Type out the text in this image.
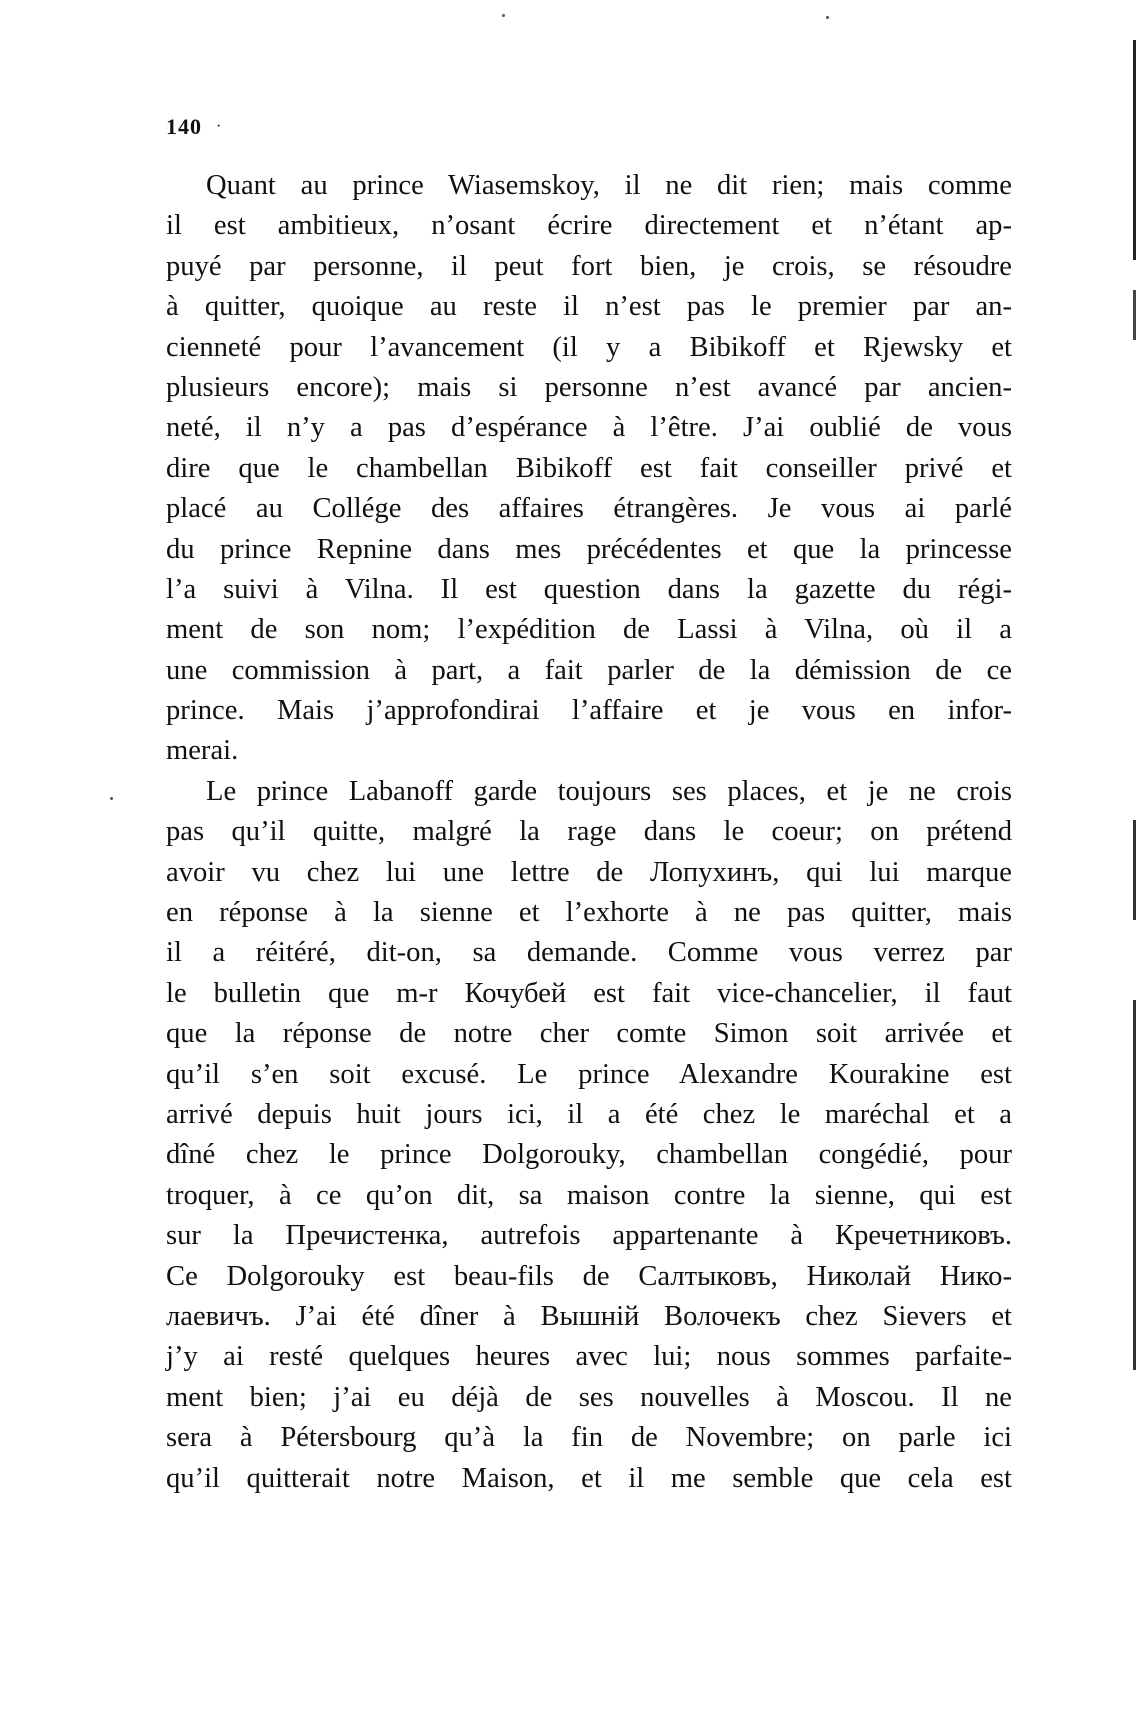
140 ·
Quant au prince Wiasemskoy, il ne dit rien; mais comme
il est ambitieux, n’osant écrire directement et n’étant ap-
puyé par personne, il peut fort bien, je crois, se résoudre
à quitter, quoique au reste il n’est pas le premier par an-
cienneté pour l’avancement (il y a Bibikoff et Rjewsky et
plusieurs encore); mais si personne n’est avancé par ancien-
neté, il n’y a pas d’espérance à l’être. J’ai oublié de vous
dire que le chambellan Bibikoff est fait conseiller privé et
placé au Collége des affaires étrangères. Je vous ai parlé
du prince Repnine dans mes précédentes et que la princesse
l’a suivi à Vilna. Il est question dans la gazette du régi-
ment de son nom; l’expédition de Lassi à Vilna, où il a
une commission à part, a fait parler de la démission de ce
prince. Mais j’approfondirai l’affaire et je vous en infor-
merai.
Le prince Labanoff garde toujours ses places, et je ne crois
pas qu’il quitte, malgré la rage dans le coeur; on prétend
avoir vu chez lui une lettre de Лопухинъ, qui lui marque
en réponse à la sienne et l’exhorte à ne pas quitter, mais
il a réitéré, dit-on, sa demande. Comme vous verrez par
le bulletin que m-r Кочубей est fait vice-chancelier, il faut
que la réponse de notre cher comte Simon soit arrivée et
qu’il s’en soit excusé. Le prince Alexandre Kourakine est
arrivé depuis huit jours ici, il a été chez le maréchal et a
dîné chez le prince Dolgorouky, chambellan congédié, pour
troquer, à ce qu’on dit, sa maison contre la sienne, qui est
sur la Пречистенка, autrefois appartenante à Кречетниковъ.
Ce Dolgorouky est beau-fils de Салтыковъ, Николай Нико-
лаевичъ. J’ai été dîner à Вышній Волочекъ chez Sievers et
j’y ai resté quelques heures avec lui; nous sommes parfaite-
ment bien; j’ai eu déjà de ses nouvelles à Moscou. Il ne
sera à Pétersbourg qu’à la fin de Novembre; on parle ici
qu’il quitterait notre Maison, et il me semble que cela est
